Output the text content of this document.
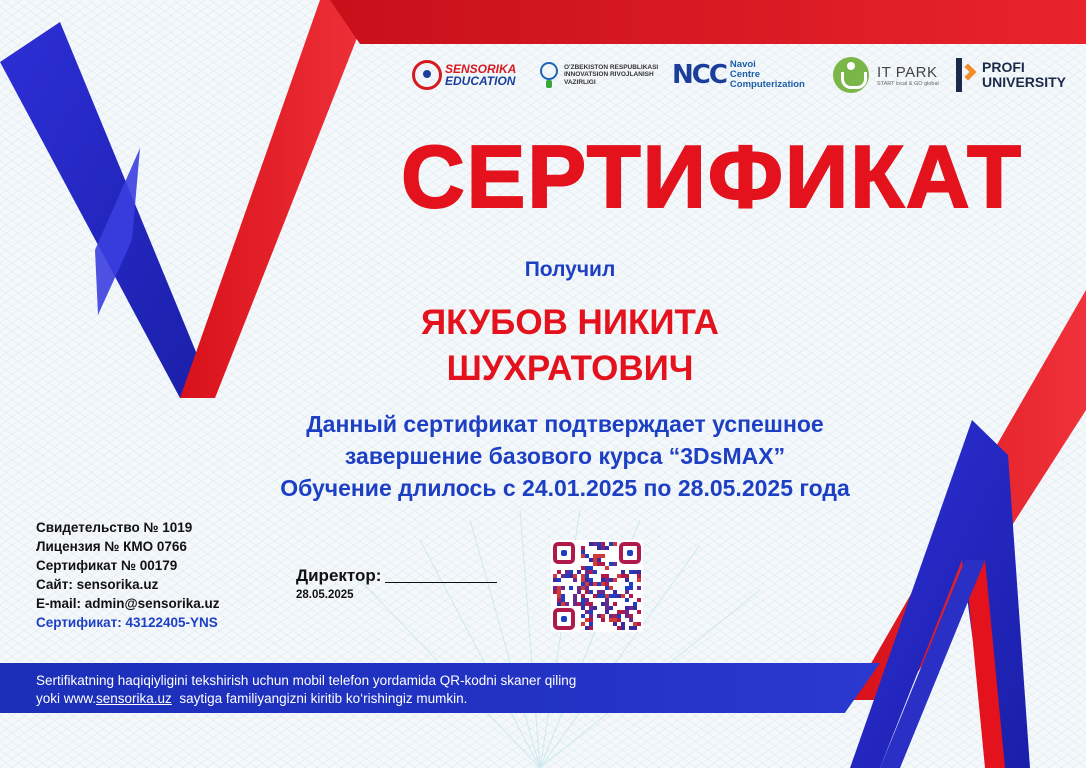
SENSORIKA
EDUCATION
O'ZBEKISTON RESPUBLIKASI
INNOVATSION RIVOJLANISH
VAZIRLIGI	NCC Navoi
Centre
Computerization
IT PARK
START local & GO global
PROFI
UNIVERSITY
СЕРТИФИКАТ
Получил
ЯКУБОВ НИКИТА
ШУХРАТОВИЧ
Данный сертификат подтверждает успешное
завершение базового курса “3DsMAX”
Обучение длилось с 24.01.2025 по 28.05.2025 года
Свидетельство № 1019
Лицензия № КМО 0766
Сертификат № 00179
Сайт: sensorika.uz
E-mail: admin@sensorika.uz
Сертификат: 43122405-YNS
Директор:
28.05.2025
Sertifikatning haqiqiyligini tekshirish uchun mobil telefon yordamida QR-kodni skaner qiling
yoki www.sensorika.uz  saytiga familiyangizni kiritib ko‘rishingiz mumkin.
